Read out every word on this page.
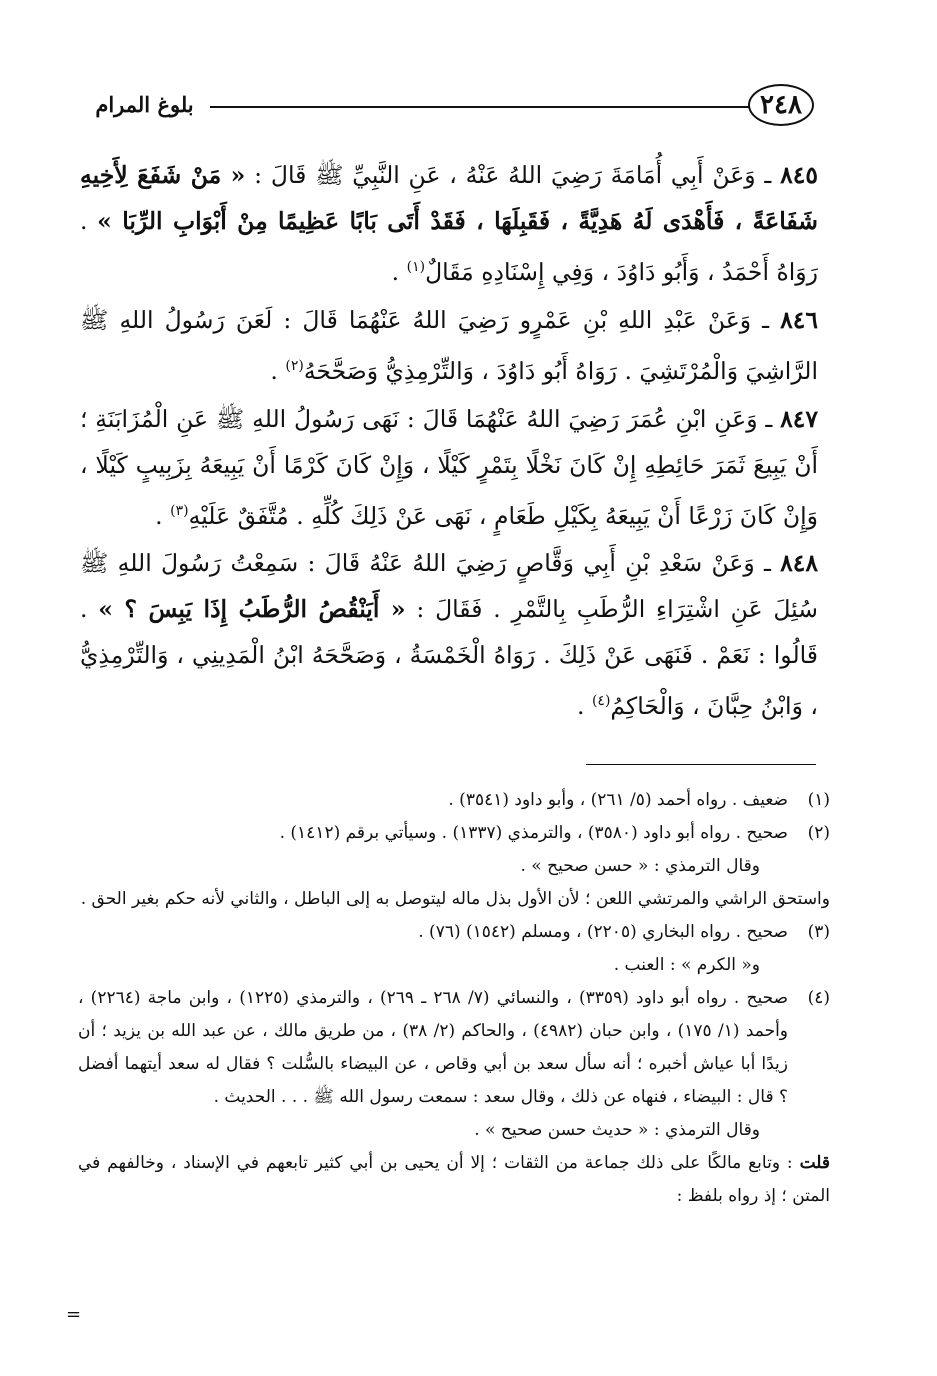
٢٤٨
بلوغ المرام

٨٤٥ ـ وَعَنْ أَبِي أُمَامَةَ رَضِيَ اللهُ عَنْهُ ، عَنِ النَّبِيِّ ﷺ قَالَ : « مَنْ شَفَعَ لِأَخِيهِ شَفَاعَةً ، فَأَهْدَى لَهُ هَدِيَّةً ، فَقَبِلَهَا ، فَقَدْ أَتَى بَابًا عَظِيمًا مِنْ أَبْوَابِ الرِّبَا » . رَوَاهُ أَحْمَدُ ، وَأَبُو دَاوُدَ ، وَفِي إِسْنَادِهِ مَقَالٌ$^{(١)}$ .

٨٤٦ ـ وَعَنْ عَبْدِ اللهِ بْنِ عَمْرٍو رَضِيَ اللهُ عَنْهُمَا قَالَ : لَعَنَ رَسُولُ اللهِ ﷺ الرَّاشِيَ وَالْمُرْتَشِيَ . رَوَاهُ أَبُو دَاوُدَ ، وَالتِّرْمِذِيُّ وَصَحَّحَهُ$^{(٢)}$ .

٨٤٧ ـ وَعَنِ ابْنِ عُمَرَ رَضِيَ اللهُ عَنْهُمَا قَالَ : نَهَى رَسُولُ اللهِ ﷺ عَنِ الْمُزَابَنَةِ ؛ أَنْ يَبِيعَ ثَمَرَ حَائِطِهِ إِنْ كَانَ نَخْلًا بِتَمْرٍ كَيْلًا ، وَإِنْ كَانَ كَرْمًا أَنْ يَبِيعَهُ بِزَبِيبٍ كَيْلًا ، وَإِنْ كَانَ زَرْعًا أَنْ يَبِيعَهُ بِكَيْلِ طَعَامٍ ، نَهَى عَنْ ذَلِكَ كُلِّهِ . مُتَّفَقٌ عَلَيْهِ$^{(٣)}$ .

٨٤٨ ـ وَعَنْ سَعْدِ بْنِ أَبِي وَقَّاصٍ رَضِيَ اللهُ عَنْهُ قَالَ : سَمِعْتُ رَسُولَ اللهِ ﷺ سُئِلَ عَنِ اشْتِرَاءِ الرُّطَبِ بِالتَّمْرِ . فَقَالَ : « أَيَنْقُصُ الرُّطَبُ إِذَا يَبِسَ ؟ » . قَالُوا : نَعَمْ . فَنَهَى عَنْ ذَلِكَ . رَوَاهُ الْخَمْسَةُ ، وَصَحَّحَهُ ابْنُ الْمَدِينِي ، وَالتِّرْمِذِيُّ ، وَابْنُ حِبَّانَ ، وَالْحَاكِمُ$^{(٤)}$ .

(١)
ضعيف . رواه أحمد (٥/ ٢٦١) ، وأبو داود (٣٥٤١) .
(٢)
صحيح . رواه أبو داود (٣٥٨٠) ، والترمذي (١٣٣٧) . وسيأتي برقم (١٤١٢) .
وقال الترمذي : « حسن صحيح » .
واستحق الراشي والمرتشي اللعن ؛ لأن الأول بذل ماله ليتوصل به إلى الباطل ، والثاني لأنه حكم بغير الحق .
(٣)
صحيح . رواه البخاري (٢٢٠٥) ، ومسلم (١٥٤٢) (٧٦) .
و« الكرم » : العنب .
(٤)
صحيح . رواه أبو داود (٣٣٥٩) ، والنسائي (٧/ ٢٦٨ ـ ٢٦٩) ، والترمذي (١٢٢٥) ، وابن ماجة (٢٢٦٤) ، وأحمد (١/ ١٧٥) ، وابن حبان (٤٩٨٢) ، والحاكم (٢/ ٣٨) ، من طريق مالك ، عن عبد الله بن يزيد ؛ أن زيدًا أبا عياش أخبره ؛ أنه سأل سعد بن أبي وقاص ، عن البيضاء بالسُّلت ؟ فقال له سعد أيتهما أفضل ؟ قال : البيضاء ، فنهاه عن ذلك ، وقال سعد : سمعت رسول الله ﷺ . . . الحديث .
وقال الترمذي : « حديث حسن صحيح » .
قلت : وتابع مالكًا على ذلك جماعة من الثقات ؛ إلا أن يحيى بن أبي كثير تابعهم في الإسناد ، وخالفهم في المتن ؛ إذ رواه بلفظ :
=
